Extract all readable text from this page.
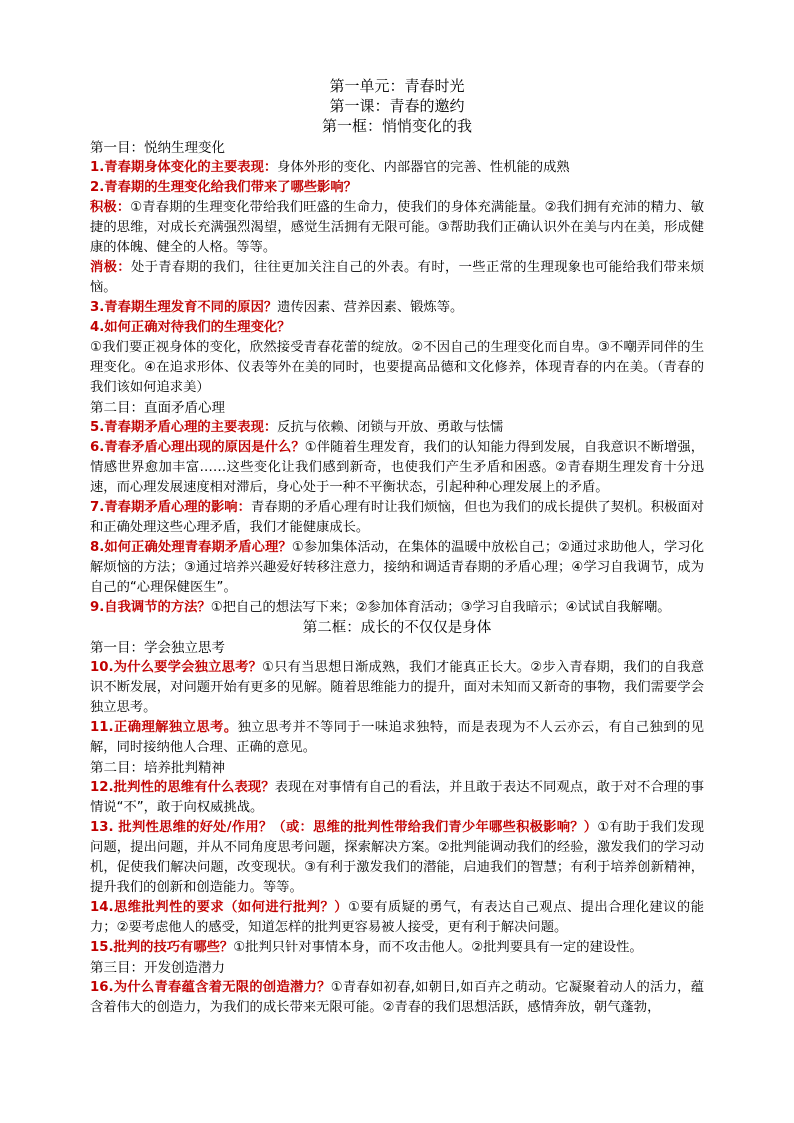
第一单元：青春时光
第一课：青春的邀约
第一框：悄悄变化的我
第一目：悦纳生理变化

1.青春期身体变化的主要表现：身体外形的变化、内部器官的完善、性机能的成熟

2.青春期的生理变化给我们带来了哪些影响？

积极：①青春期的生理变化带给我们旺盛的生命力，使我们的身体充满能量。②我们拥有充沛的精力、敏捷的思维，对成长充满强烈渴望，感觉生活拥有无限可能。③帮助我们正确认识外在美与内在美，形成健康的体魄、健全的人格。等等。

消极：处于青春期的我们，往往更加关注自己的外表。有时，一些正常的生理现象也可能给我们带来烦恼。

3.青春期生理发育不同的原因？遗传因素、营养因素、锻炼等。

4.如何正确对待我们的生理变化？

①我们要正视身体的变化，欣然接受青春花蕾的绽放。②不因自己的生理变化而自卑。③不嘲弄同伴的生理变化。④在追求形体、仪表等外在美的同时，也要提高品德和文化修养，体现青春的内在美。（青春的我们该如何追求美）

第二目：直面矛盾心理

5.青春期矛盾心理的主要表现：反抗与依赖、闭锁与开放、勇敢与怯懦

6.青春矛盾心理出现的原因是什么？①伴随着生理发育，我们的认知能力得到发展，自我意识不断增强，情感世界愈加丰富……这些变化让我们感到新奇，也使我们产生矛盾和困惑。②青春期生理发育十分迅速，而心理发展速度相对滞后，身心处于一种不平衡状态，引起种种心理发展上的矛盾。

7.青春期矛盾心理的影响：青春期的矛盾心理有时让我们烦恼，但也为我们的成长提供了契机。积极面对和正确处理这些心理矛盾，我们才能健康成长。

8.如何正确处理青春期矛盾心理？①参加集体活动，在集体的温暖中放松自己；②通过求助他人，学习化解烦恼的方法；③通过培养兴趣爱好转移注意力，接纳和调适青春期的矛盾心理；④学习自我调节，成为自己的“心理保健医生”。

9.自我调节的方法？①把自己的想法写下来；②参加体育活动；③学习自我暗示；④试试自我解嘲。

第二框：成长的不仅仅是身体
第一目：学会独立思考

10.为什么要学会独立思考？①只有当思想日渐成熟，我们才能真正长大。②步入青春期，我们的自我意识不断发展，对问题开始有更多的见解。随着思维能力的提升，面对未知而又新奇的事物，我们需要学会独立思考。

11.正确理解独立思考。独立思考并不等同于一味追求独特，而是表现为不人云亦云，有自己独到的见解，同时接纳他人合理、正确的意见。

第二目：培养批判精神

12.批判性的思维有什么表现？表现在对事情有自己的看法，并且敢于表达不同观点，敢于对不合理的事情说“不”，敢于向权威挑战。

13. 批判性思维的好处/作用？（或：思维的批判性带给我们青少年哪些积极影响？）①有助于我们发现问题，提出问题，并从不同角度思考问题，探索解决方案。②批判能调动我们的经验，激发我们的学习动机，促使我们解决问题，改变现状。③有利于激发我们的潜能，启迪我们的智慧；有利于培养创新精神，提升我们的创新和创造能力。等等。

14.思维批判性的要求（如何进行批判？）①要有质疑的勇气，有表达自己观点、提出合理化建议的能力；②要考虑他人的感受，知道怎样的批判更容易被人接受，更有利于解决问题。

15.批判的技巧有哪些？①批判只针对事情本身，而不攻击他人。②批判要具有一定的建设性。

第三目：开发创造潜力

16.为什么青春蕴含着无限的创造潜力？①青春如初春,如朝日,如百卉之萌动。它凝聚着动人的活力，蕴含着伟大的创造力，为我们的成长带来无限可能。②青春的我们思想活跃，感情奔放，朝气蓬勃，
